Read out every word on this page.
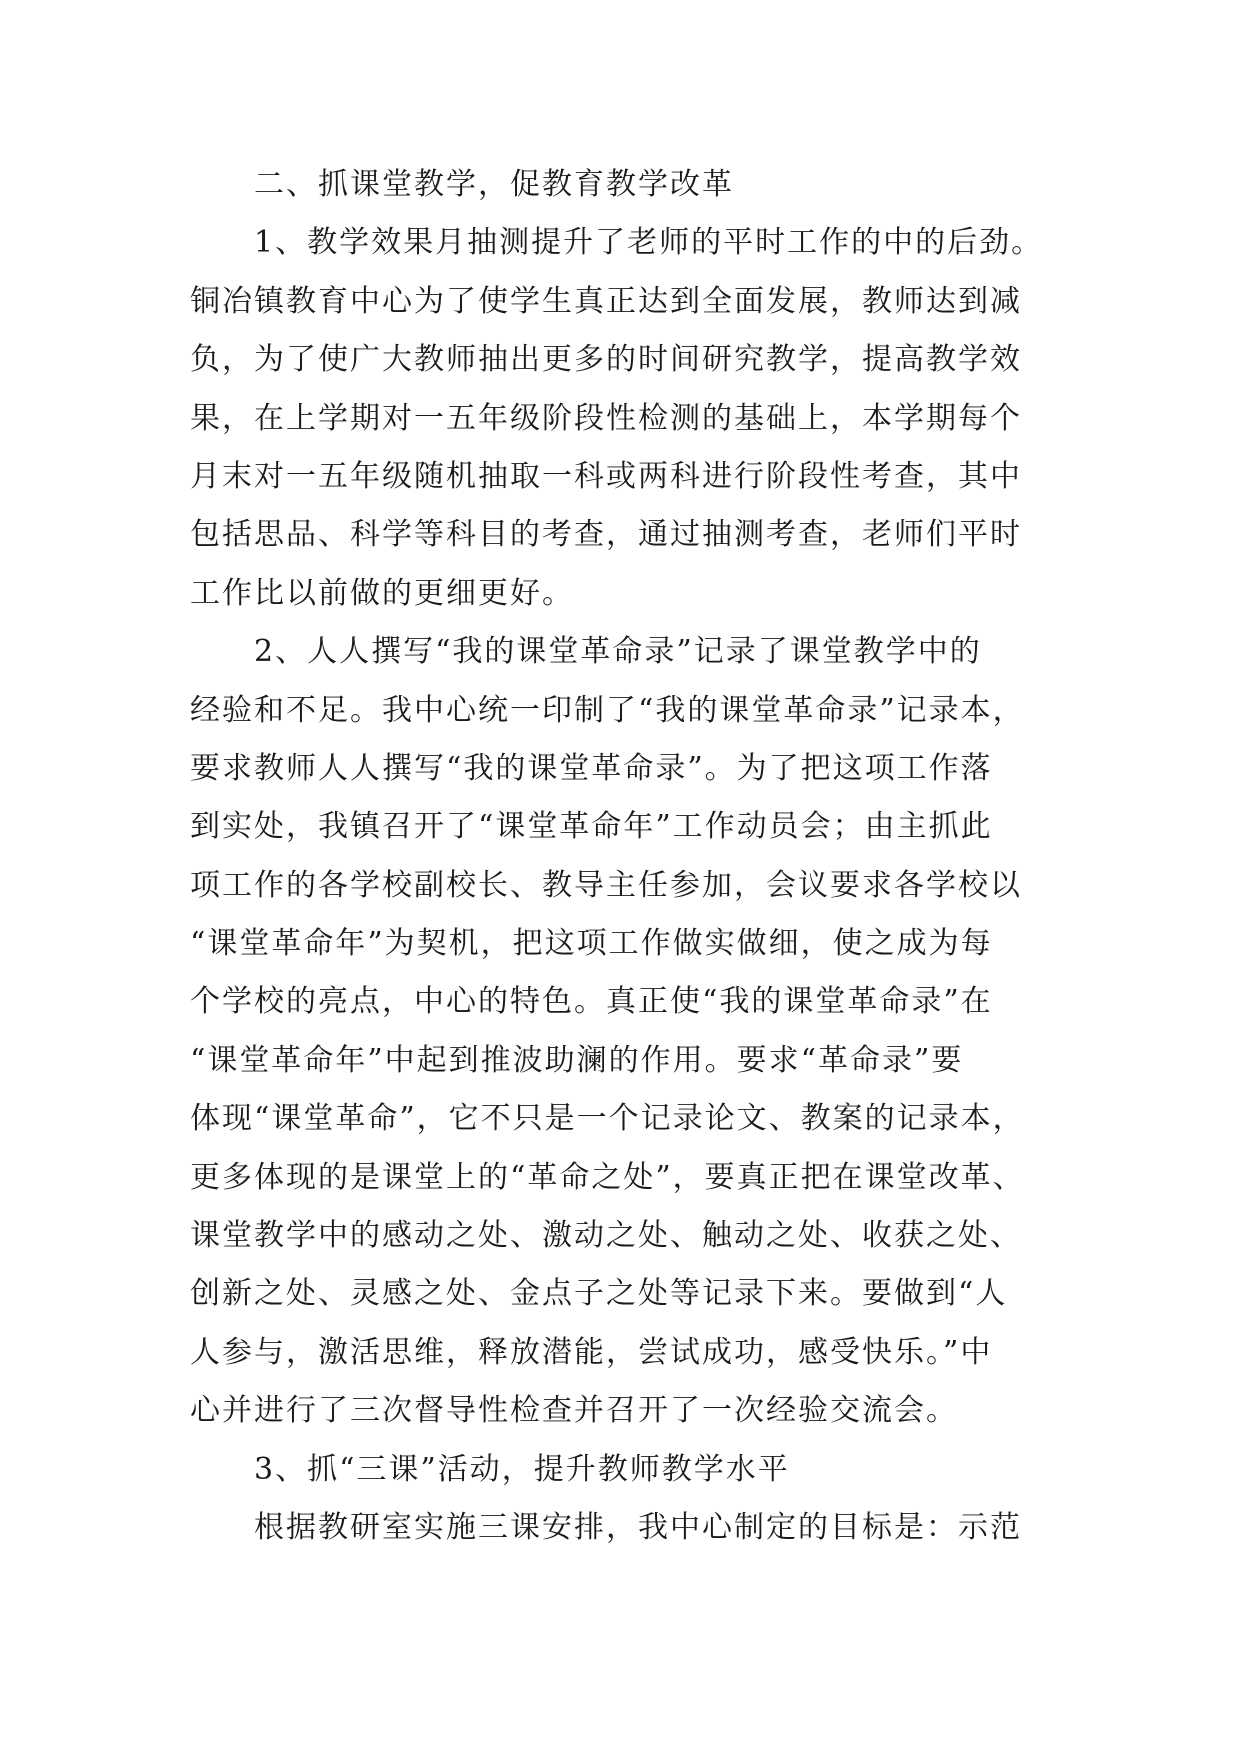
二、抓课堂教学，促教育教学改革
1、教学效果月抽测提升了老师的平时工作的中的后劲。
铜冶镇教育中心为了使学生真正达到全面发展，教师达到减
负，为了使广大教师抽出更多的时间研究教学，提高教学效
果，在上学期对一五年级阶段性检测的基础上，本学期每个
月末对一五年级随机抽取一科或两科进行阶段性考查，其中
包括思品、科学等科目的考查，通过抽测考查，老师们平时
工作比以前做的更细更好。
2、人人撰写“我的课堂革命录”记录了课堂教学中的
经验和不足。我中心统一印制了“我的课堂革命录”记录本，
要求教师人人撰写“我的课堂革命录”。为了把这项工作落
到实处，我镇召开了“课堂革命年”工作动员会；由主抓此
项工作的各学校副校长、教导主任参加，会议要求各学校以
“课堂革命年”为契机，把这项工作做实做细，使之成为每
个学校的亮点，中心的特色。真正使“我的课堂革命录”在
“课堂革命年”中起到推波助澜的作用。要求“革命录”要
体现“课堂革命”，它不只是一个记录论文、教案的记录本，
更多体现的是课堂上的“革命之处”，要真正把在课堂改革、
课堂教学中的感动之处、激动之处、触动之处、收获之处、
创新之处、灵感之处、金点子之处等记录下来。要做到“人
人参与，激活思维，释放潜能，尝试成功，感受快乐。”中
心并进行了三次督导性检查并召开了一次经验交流会。
3、抓“三课”活动，提升教师教学水平
根据教研室实施三课安排，我中心制定的目标是：示范
